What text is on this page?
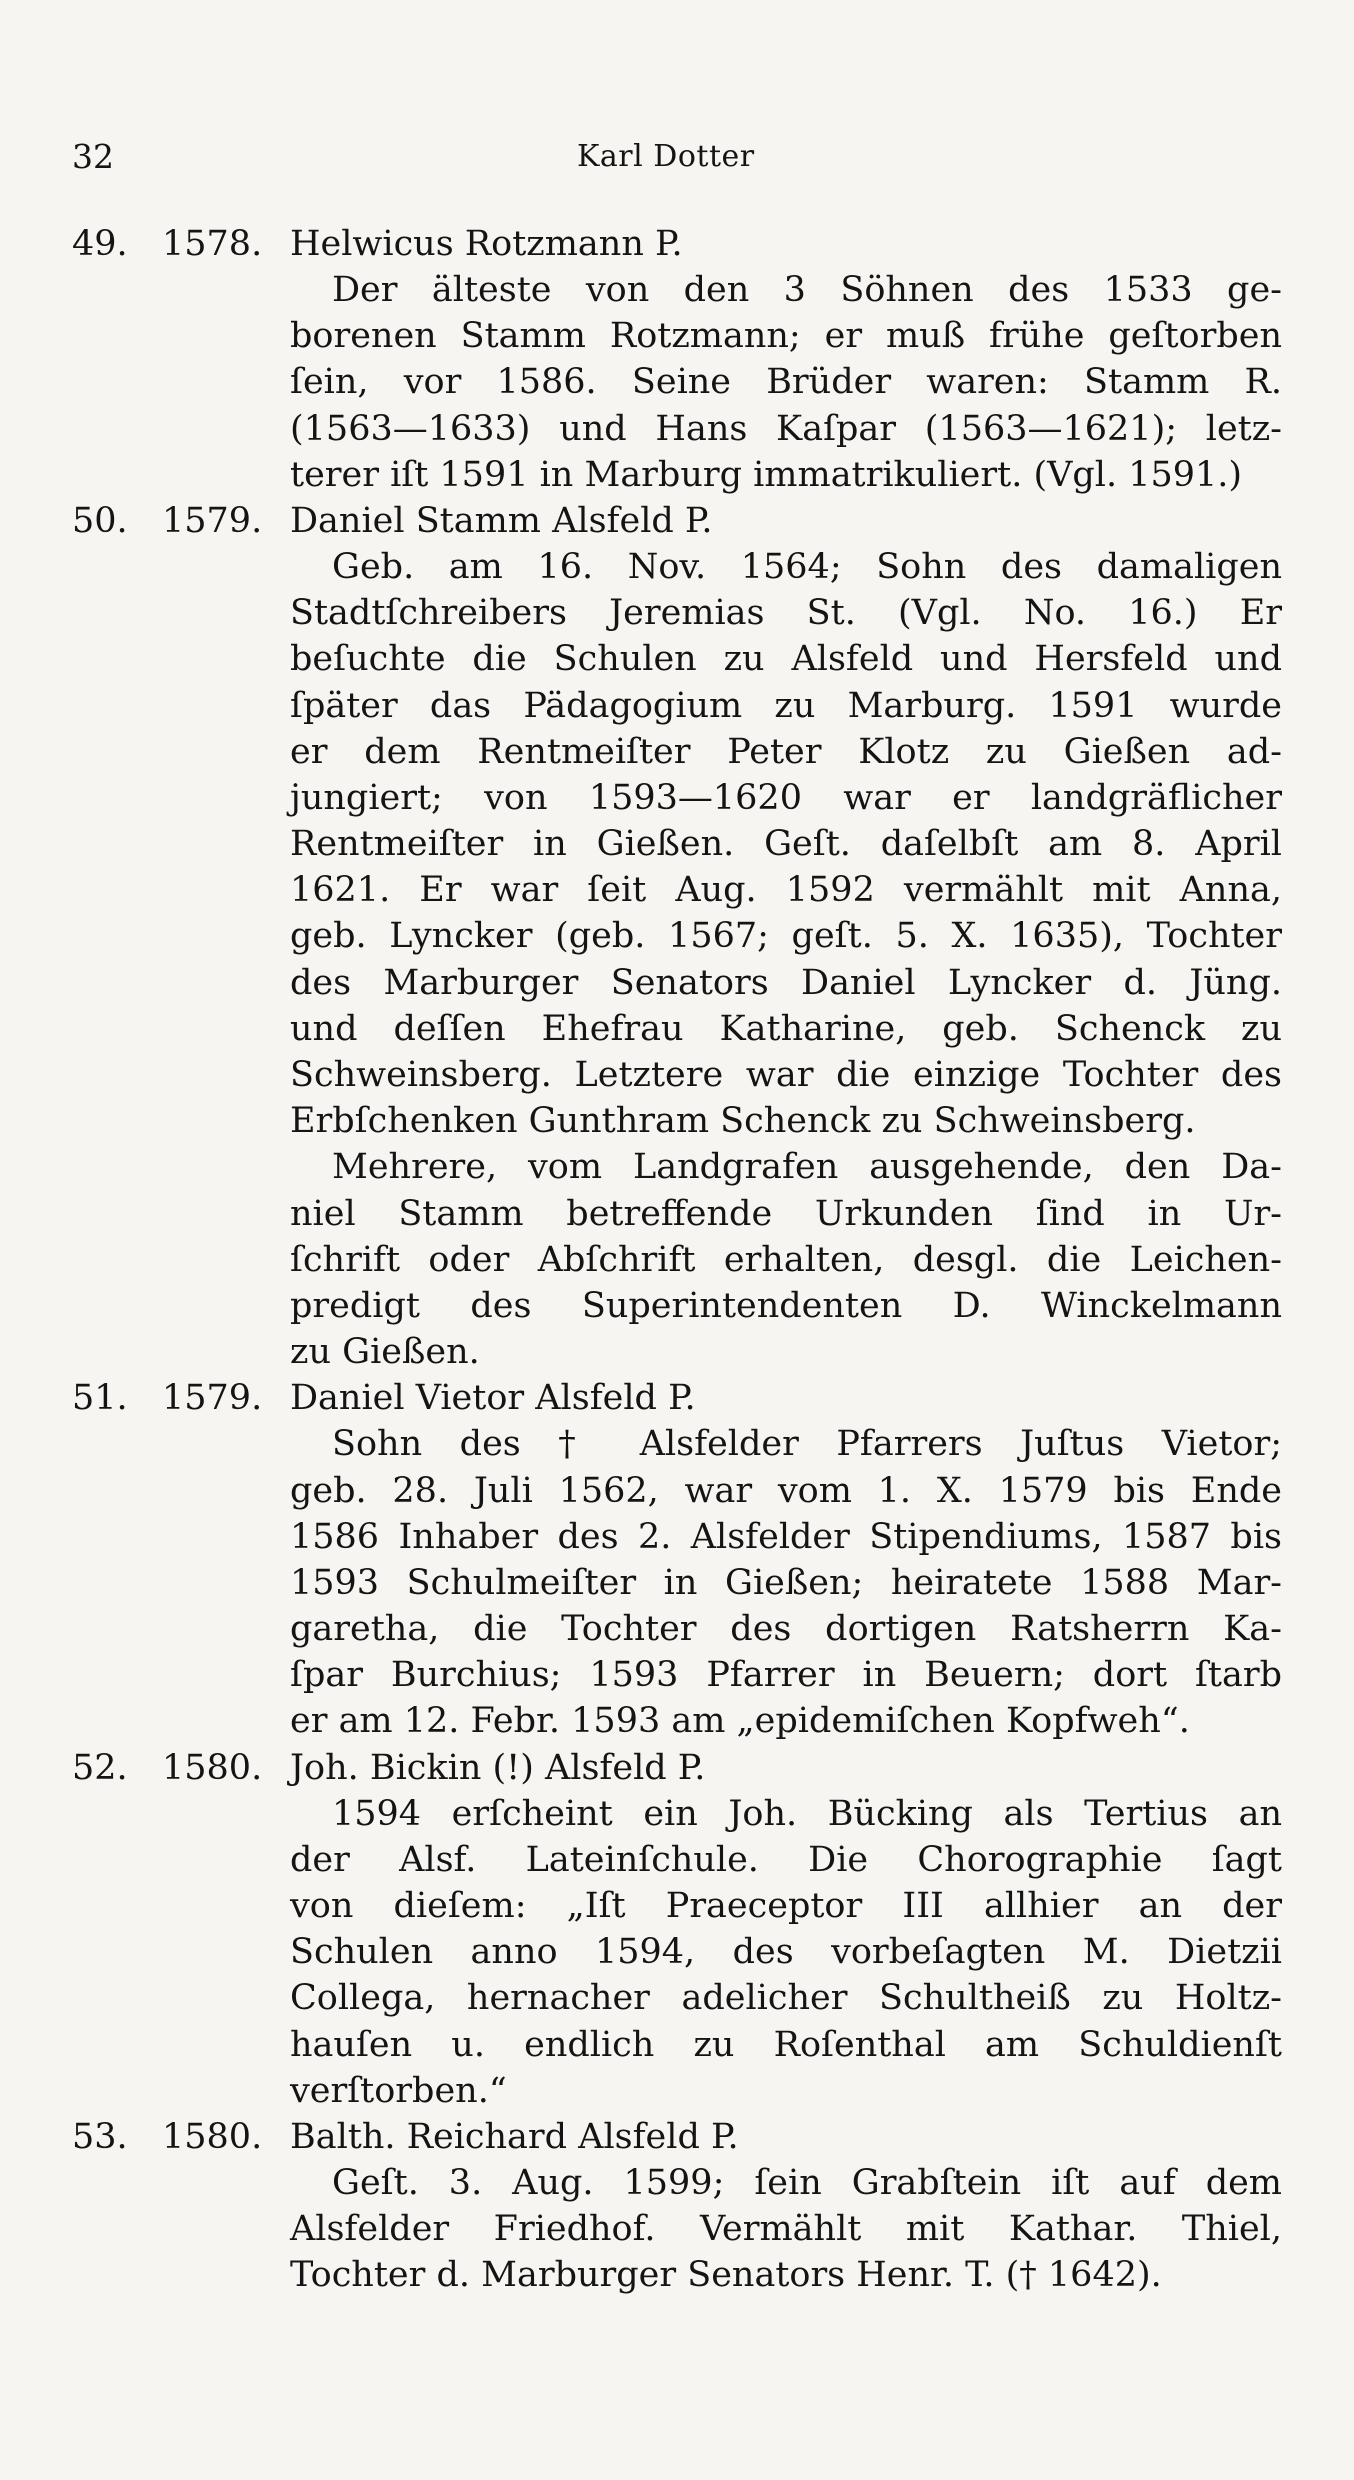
32	Karl Dotter
49. 1578. Helwicus Rotzmann P.
Der älteste von den 3 Söhnen des 1533 ge-
borenen Stamm Rotzmann; er muß frühe geſtorben
ſein, vor 1586. Seine Brüder waren: Stamm R.
(1563—1633) und Hans Kaſpar (1563—1621); letz-
terer iſt 1591 in Marburg immatrikuliert. (Vgl. 1591.)
50. 1579. Daniel Stamm Alsfeld P.
Geb. am 16. Nov. 1564; Sohn des damaligen
Stadtſchreibers Jeremias St. (Vgl. No. 16.) Er
beſuchte die Schulen zu Alsfeld und Hersfeld und
ſpäter das Pädagogium zu Marburg. 1591 wurde
er dem Rentmeiſter Peter Klotz zu Gießen ad-
jungiert; von 1593—1620 war er landgräflicher
Rentmeiſter in Gießen. Geſt. daſelbſt am 8. April
1621. Er war ſeit Aug. 1592 vermählt mit Anna,
geb. Lyncker (geb. 1567; geſt. 5. X. 1635), Tochter
des Marburger Senators Daniel Lyncker d. Jüng.
und deſſen Ehefrau Katharine, geb. Schenck zu
Schweinsberg. Letztere war die einzige Tochter des
Erbſchenken Gunthram Schenck zu Schweinsberg.
Mehrere, vom Landgrafen ausgehende, den Da-
niel Stamm betreffende Urkunden ſind in Ur-
ſchrift oder Abſchrift erhalten, desgl. die Leichen-
predigt des Superintendenten D. Winckelmann
zu Gießen.
51. 1579. Daniel Vietor Alsfeld P.
Sohn des † Alsfelder Pfarrers Juſtus Vietor;
geb. 28. Juli 1562, war vom 1. X. 1579 bis Ende
1586 Inhaber des 2. Alsfelder Stipendiums, 1587 bis
1593 Schulmeiſter in Gießen; heiratete 1588 Mar-
garetha, die Tochter des dortigen Ratsherrn Ka-
ſpar Burchius; 1593 Pfarrer in Beuern; dort ſtarb
er am 12. Febr. 1593 am „epidemiſchen Kopfweh“.
52. 1580. Joh. Bickin (!) Alsfeld P.
1594 erſcheint ein Joh. Bücking als Tertius an
der Alsf. Lateinſchule. Die Chorographie ſagt
von dieſem: „Iſt Praeceptor III allhier an der
Schulen anno 1594, des vorbeſagten M. Dietzii
Collega, hernacher adelicher Schultheiß zu Holtz-
hauſen u. endlich zu Roſenthal am Schuldienſt
verſtorben.“
53. 1580. Balth. Reichard Alsfeld P.
Geſt. 3. Aug. 1599; ſein Grabſtein iſt auf dem
Alsfelder Friedhof. Vermählt mit Kathar. Thiel,
Tochter d. Marburger Senators Henr. T. († 1642).
